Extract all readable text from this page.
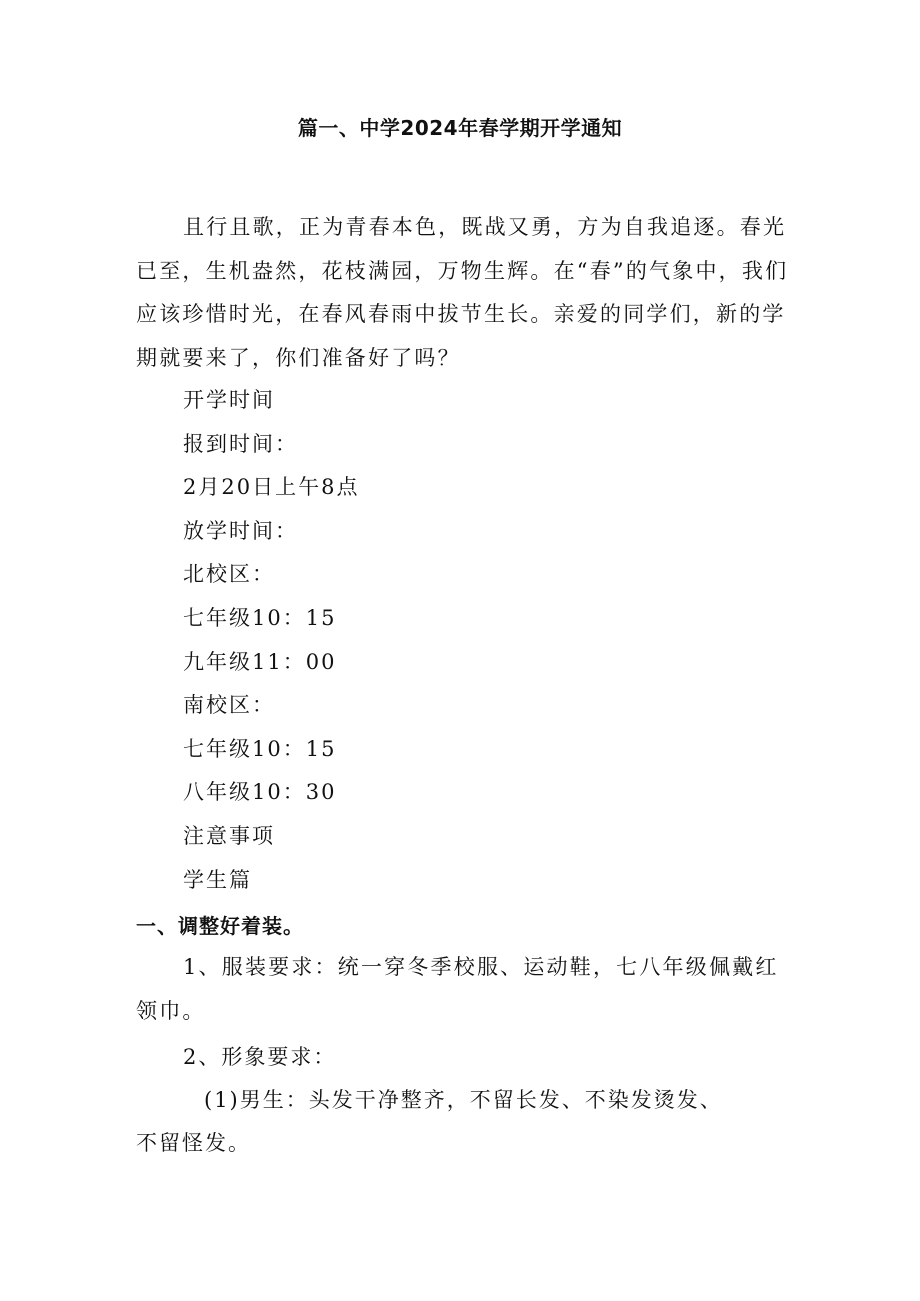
篇一、中学2024年春学期开学通知

且行且歌，正为青春本色，既战又勇，方为自我追逐。春光已至，生机盎然，花枝满园，万物生辉。在“春”的气象中，我们应该珍惜时光，在春风春雨中拔节生长。亲爱的同学们，新的学期就要来了，你们准备好了吗？

开学时间
报到时间：
2月20日上午8点
放学时间：
北校区：
七年级10：15
九年级11：00
南校区：
七年级10：15
八年级10：30
注意事项
学生篇
一、调整好着装。

1、服装要求：统一穿冬季校服、运动鞋，七八年级佩戴红领巾。

2、形象要求：
(1)男生：头发干净整齐，不留长发、不染发烫发、
不留怪发。
